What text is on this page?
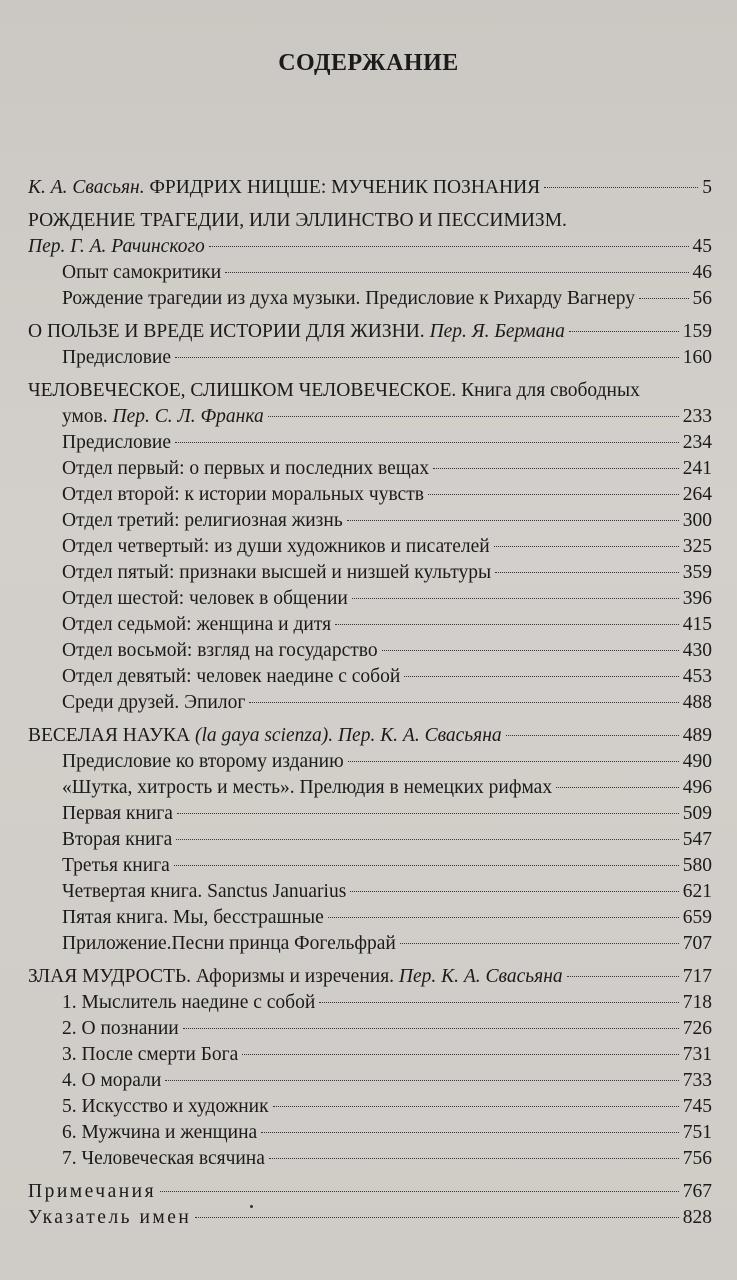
СОДЕРЖАНИЕ
К. А. Свасьян. ФРИДРИХ НИЦШЕ: МУЧЕНИК ПОЗНАНИЯ	5
РОЖДЕНИЕ ТРАГЕДИИ, ИЛИ ЭЛЛИНСТВО И ПЕССИМИЗМ.
Пер. Г. А. Рачинского	45
Опыт самокритики	46
Рождение трагедии из духа музыки. Предисловие к Рихарду Вагнеру	56
О ПОЛЬЗЕ И ВРЕДЕ ИСТОРИИ ДЛЯ ЖИЗНИ. Пер. Я. Бермана	159
Предисловие	160
ЧЕЛОВЕЧЕСКОЕ, СЛИШКОМ ЧЕЛОВЕЧЕСКОЕ. Книга для свободных
умов. Пер. С. Л. Франка	233
Предисловие	234
Отдел первый: о первых и последних вещах	241
Отдел второй: к истории моральных чувств	264
Отдел третий: религиозная жизнь	300
Отдел четвертый: из души художников и писателей	325
Отдел пятый: признаки высшей и низшей культуры	359
Отдел шестой: человек в общении	396
Отдел седьмой: женщина и дитя	415
Отдел восьмой: взгляд на государство	430
Отдел девятый: человек наедине с собой	453
Среди друзей. Эпилог	488
ВЕСЕЛАЯ НАУКА (la gaya scienza). Пер. К. А. Свасьяна	489
Предисловие ко второму изданию	490
«Шутка, хитрость и месть». Прелюдия в немецких рифмах	496
Первая книга	509
Вторая книга	547
Третья книга	580
Четвертая книга. Sanctus Januarius	621
Пятая книга. Мы, бесстрашные	659
Приложение.Песни принца Фогельфрай	707
ЗЛАЯ МУДРОСТЬ. Афоризмы и изречения. Пер. К. А. Свасьяна	717
1. Мыслитель наедине с собой	718
2. О познании	726
3. После смерти Бога	731
4. О морали	733
5. Искусство и художник	745
6. Мужчина и женщина	751
7. Человеческая всячина	756
Примечания	767
Указатель имен	828
